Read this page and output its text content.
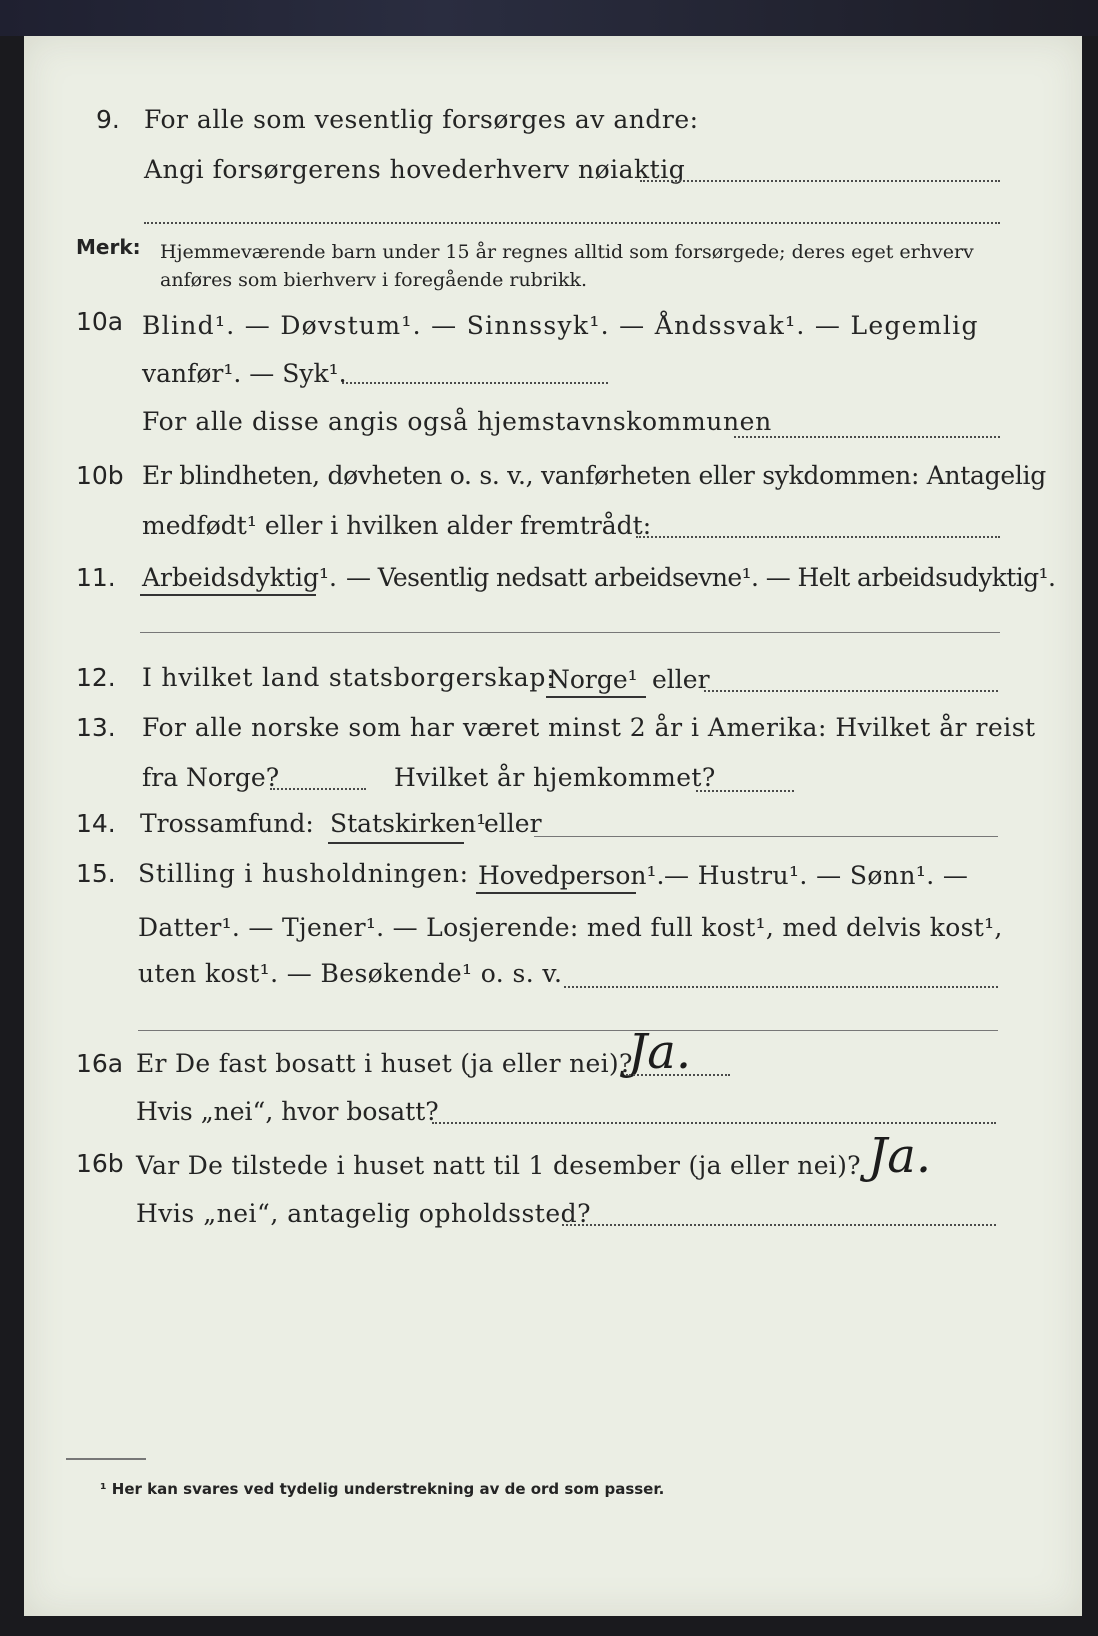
9. For alle som vesentlig forsørges av andre:
Angi forsørgerens hovederhverv nøiaktig
Merk: Hjemmeværende barn under 15 år regnes alltid som forsørgede; deres eget erhverv
anføres som bierhverv i foregående rubrikk.
10a Blind¹. — Døvstum¹. — Sinnssyk¹. — Åndssvak¹. — Legemlig
vanfør¹. — Syk¹.
For alle disse angis også hjemstavnskommunen
10b Er blindheten, døvheten o. s. v., vanførheten eller sykdommen: Antagelig
medfødt¹ eller i hvilken alder fremtrådt:
11. Arbeidsdyktig¹. — Vesentlig nedsatt arbeidsevne¹. — Helt arbeidsudyktig¹.
12. I hvilket land statsborgerskap:
Norge¹ eller
13. For alle norske som har været minst 2 år i Amerika: Hvilket år reist
fra Norge?	Hvilket år hjemkommet?
14. Trossamfund: Statskirken¹
eller
15. Stilling i husholdningen: Hovedperson¹. — Hustru¹. — Sønn¹. —
Datter¹. — Tjener¹. — Losjerende: med full kost¹, med delvis kost¹,
uten kost¹. — Besøkende¹ o. s. v.
16a Er De fast bosatt i huset (ja eller nei)?
Ja.
Hvis „nei“, hvor bosatt?
16b Var De tilstede i huset natt til 1 desember (ja eller nei)? Ja.
Hvis „nei“, antagelig opholdssted?
¹ Her kan svares ved tydelig understrekning av de ord som passer.
